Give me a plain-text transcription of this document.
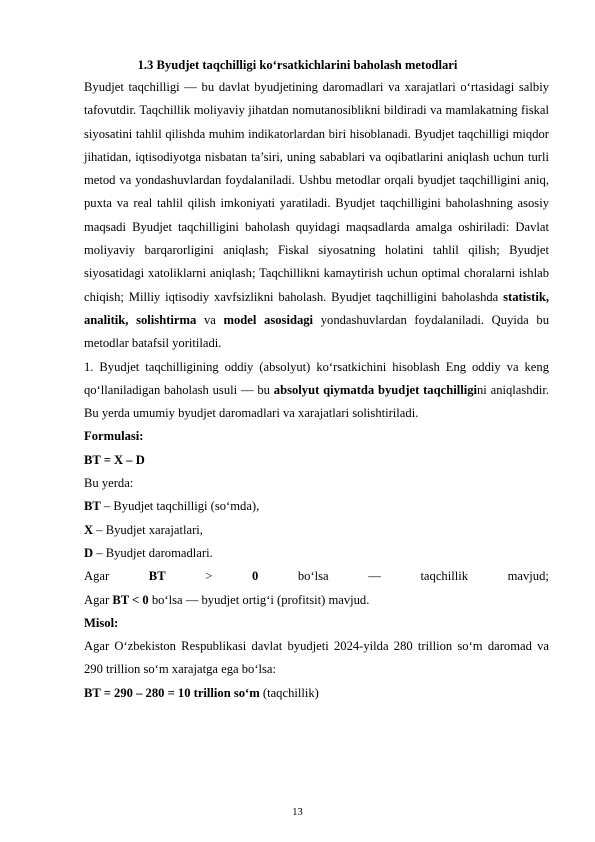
1.3 Byudjet taqchilligi ko‘rsatkichlarini baholash metodlari

Byudjet taqchilligi — bu davlat byudjetining daromadlari va xarajatlari o‘rtasidagi salbiy tafovutdir. Taqchillik moliyaviy jihatdan nomutanosiblikni bildiradi va mamlakatning fiskal siyosatini tahlil qilishda muhim indikatorlardan biri hisoblanadi. Byudjet taqchilligi miqdor jihatidan, iqtisodiyotga nisbatan ta’siri, uning sabablari va oqibatlarini aniqlash uchun turli metod va yondashuvlardan foydalaniladi. Ushbu metodlar orqali byudjet taqchilligini aniq, puxta va real tahlil qilish imkoniyati yaratiladi. Byudjet taqchilligini baholashning asosiy maqsadi Byudjet taqchilligini baholash quyidagi maqsadlarda amalga oshiriladi: Davlat moliyaviy barqarorligini aniqlash; Fiskal siyosatning holatini tahlil qilish; Byudjet siyosatidagi xatoliklarni aniqlash; Taqchillikni kamaytirish uchun optimal choralarni ishlab chiqish; Milliy iqtisodiy xavfsizlikni baholash. Byudjet taqchilligini baholashda statistik, analitik, solishtirma va model asosidagi yondashuvlardan foydalaniladi. Quyida bu metodlar batafsil yoritiladi.

1. Byudjet taqchilligining oddiy (absolyut) ko‘rsatkichini hisoblash Eng oddiy va keng qo‘llaniladigan baholash usuli — bu absolyut qiymatda byudjet taqchilligini aniqlashdir. Bu yerda umumiy byudjet daromadlari va xarajatlari solishtiriladi.

Formulasi:

BT = X – D

Bu yerda:

BT – Byudjet taqchilligi (so‘mda),

X – Byudjet xarajatlari,

D – Byudjet daromadlari.

Agar	BT	>	0	bo‘lsa	—	taqchillik	mavjud;

Agar BT < 0 bo‘lsa — byudjet ortig‘i (profitsit) mavjud.

Misol:

Agar O‘zbekiston Respublikasi davlat byudjeti 2024-yilda 280 trillion so‘m daromad va 290 trillion so‘m xarajatga ega bo‘lsa:

BT = 290 – 280 = 10 trillion so‘m (taqchillik)

13
